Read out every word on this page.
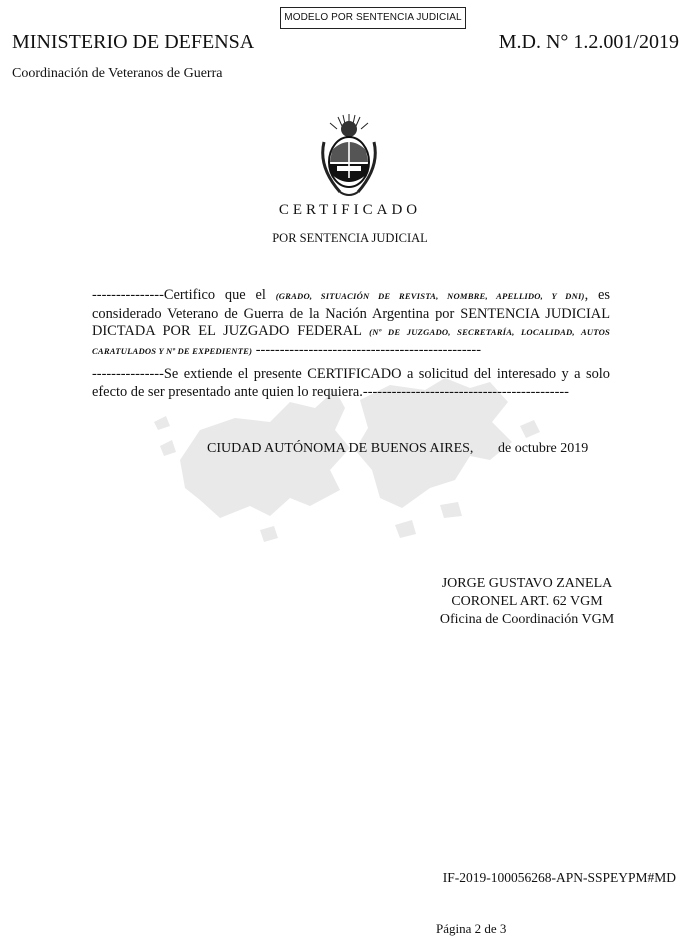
MODELO POR SENTENCIA JUDICIAL
MINISTERIO DE DEFENSA	M.D. N° 1.2.001/2019
Coordinación de Veteranos de Guerra
CERTIFICADO
POR SENTENCIA JUDICIAL
---------------Certifico que el (GRADO, SITUACIÓN DE REVISTA, NOMBRE, APELLIDO, Y DNI), es considerado Veterano de Guerra de la Nación Argentina por SENTENCIA JUDICIAL DICTADA POR EL JUZGADO FEDERAL (Nº DE JUZGADO, SECRETARÍA, LOCALIDAD, AUTOS CARATULADOS Y Nº DE EXPEDIENTE) -----------------------------------------------
---------------Se extiende el presente CERTIFICADO a solicitud del interesado y a solo efecto de ser presentado ante quien lo requiera.-------------------------------------------
CIUDAD AUTÓNOMA DE BUENOS AIRES, de octubre 2019
JORGE GUSTAVO ZANELA
CORONEL ART. 62 VGM
Oficina de Coordinación VGM
IF-2019-100056268-APN-SSPEYPM#MD
Página 2 de 3
